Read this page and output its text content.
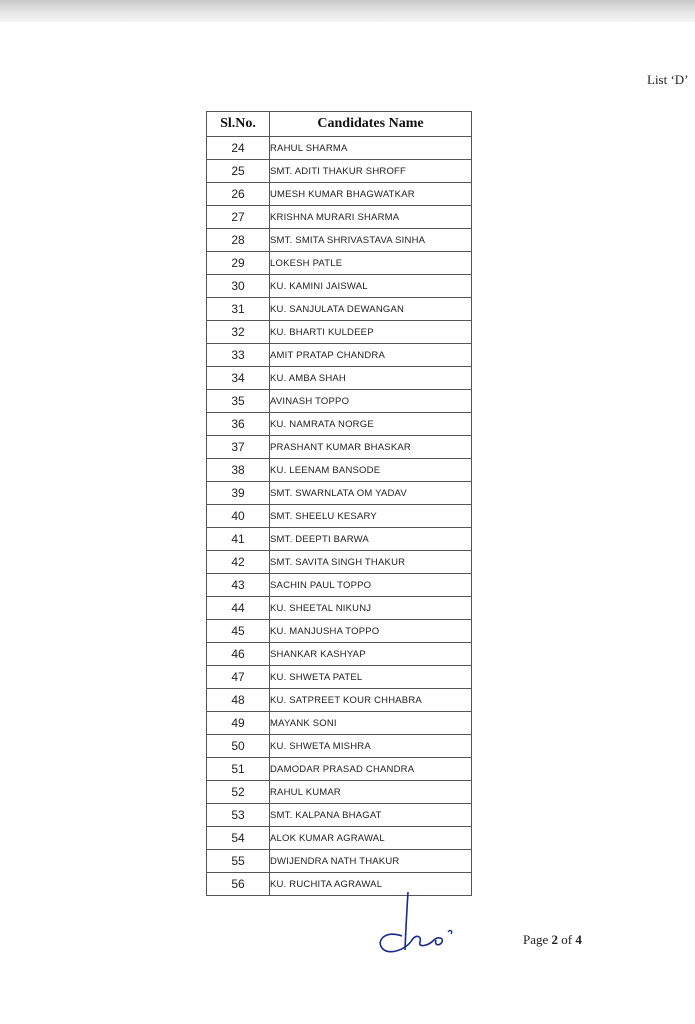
List ‘D’
Sl.No.	Candidates Name
24	RAHUL SHARMA
25	SMT. ADITI THAKUR SHROFF
26	UMESH KUMAR BHAGWATKAR
27	KRISHNA MURARI SHARMA
28	SMT. SMITA SHRIVASTAVA SINHA
29	LOKESH PATLE
30	KU. KAMINI JAISWAL
31	KU. SANJULATA DEWANGAN
32	KU. BHARTI KULDEEP
33	AMIT PRATAP CHANDRA
34	KU. AMBA SHAH
35	AVINASH TOPPO
36	KU. NAMRATA NORGE
37	PRASHANT KUMAR BHASKAR
38	KU. LEENAM BANSODE
39	SMT. SWARNLATA OM YADAV
40	SMT. SHEELU KESARY
41	SMT. DEEPTI BARWA
42	SMT. SAVITA SINGH THAKUR
43	SACHIN PAUL TOPPO
44	KU. SHEETAL NIKUNJ
45	KU. MANJUSHA TOPPO
46	SHANKAR KASHYAP
47	KU. SHWETA PATEL
48	KU. SATPREET KOUR CHHABRA
49	MAYANK SONI
50	KU. SHWETA MISHRA
51	DAMODAR PRASAD CHANDRA
52	RAHUL KUMAR
53	SMT. KALPANA BHAGAT
54	ALOK KUMAR AGRAWAL
55	DWIJENDRA NATH THAKUR
56	KU. RUCHITA AGRAWAL
Page 2 of 4
